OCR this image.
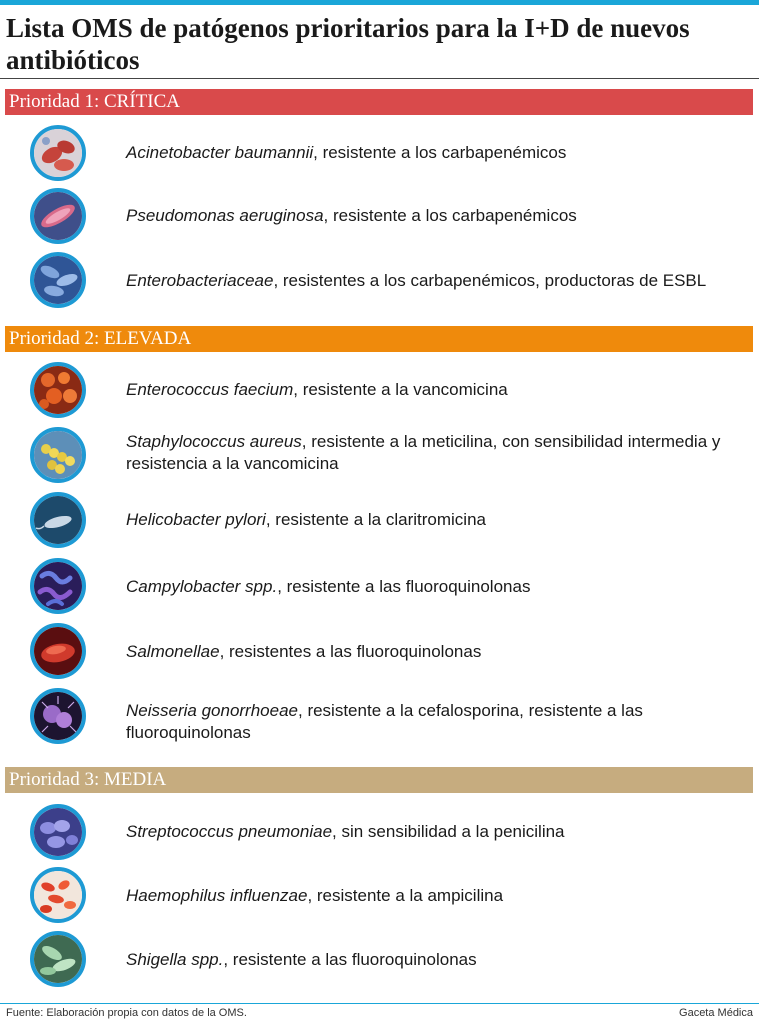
Lista OMS de patógenos prioritarios para la I+D de nuevos antibióticos
Prioridad 1: CRÍTICA
Acinetobacter baumannii, resistente a los carbapenémicos
Pseudomonas aeruginosa, resistente a los carbapenémicos
Enterobacteriaceae, resistentes a los carbapenémicos, productoras de ESBL
Prioridad 2: ELEVADA
Enterococcus faecium, resistente a la vancomicina
Staphylococcus aureus, resistente a la meticilina, con sensibilidad intermedia y resistencia a la vancomicina
Helicobacter pylori, resistente a la claritromicina
Campylobacter spp., resistente a las fluoroquinolonas
Salmonellae, resistentes a las fluoroquinolonas
Neisseria gonorrhoeae, resistente a la cefalosporina, resistente a las fluoroquinolonas
Prioridad 3: MEDIA
Streptococcus pneumoniae, sin sensibilidad a la penicilina
Haemophilus influenzae, resistente a la ampicilina
Shigella spp., resistente a las fluoroquinolonas
Fuente: Elaboración propia con datos de la OMS.	Gaceta Médica
